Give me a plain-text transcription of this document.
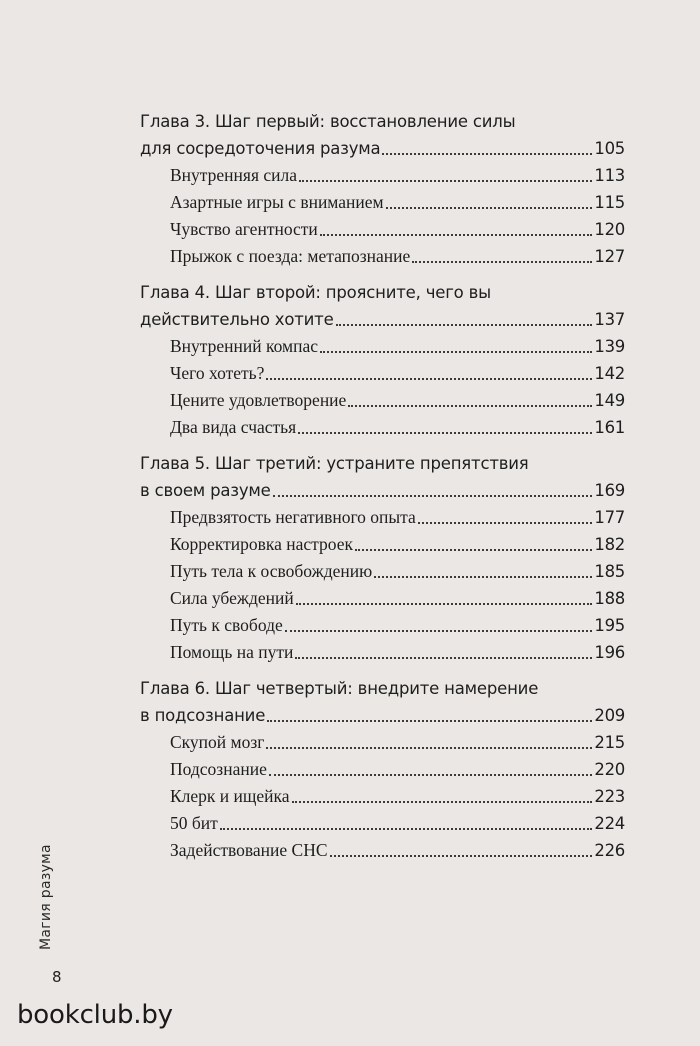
Глава 3. Шаг первый: восстановление силы
для сосредоточения разума	105
Внутренняя сила	113
Азартные игры с вниманием	115
Чувство агентности	120
Прыжок с поезда: метапознание	127
Глава 4. Шаг второй: проясните, чего вы
действительно хотите	137
Внутренний компас	139
Чего хотеть?	142
Цените удовлетворение	149
Два вида счастья	161
Глава 5. Шаг третий: устраните препятствия
в своем разуме	169
Предвзятость негативного опыта	177
Корректировка настроек	182
Путь тела к освобождению	185
Сила убеждений	188
Путь к свободе	195
Помощь на пути	196
Глава 6. Шаг четвертый: внедрите намерение
в подсознание	209
Скупой мозг	215
Подсознание	220
Клерк и ищейка	223
50 бит	224
Задействование СНС	226
Магия разума
8
bookclub.by
